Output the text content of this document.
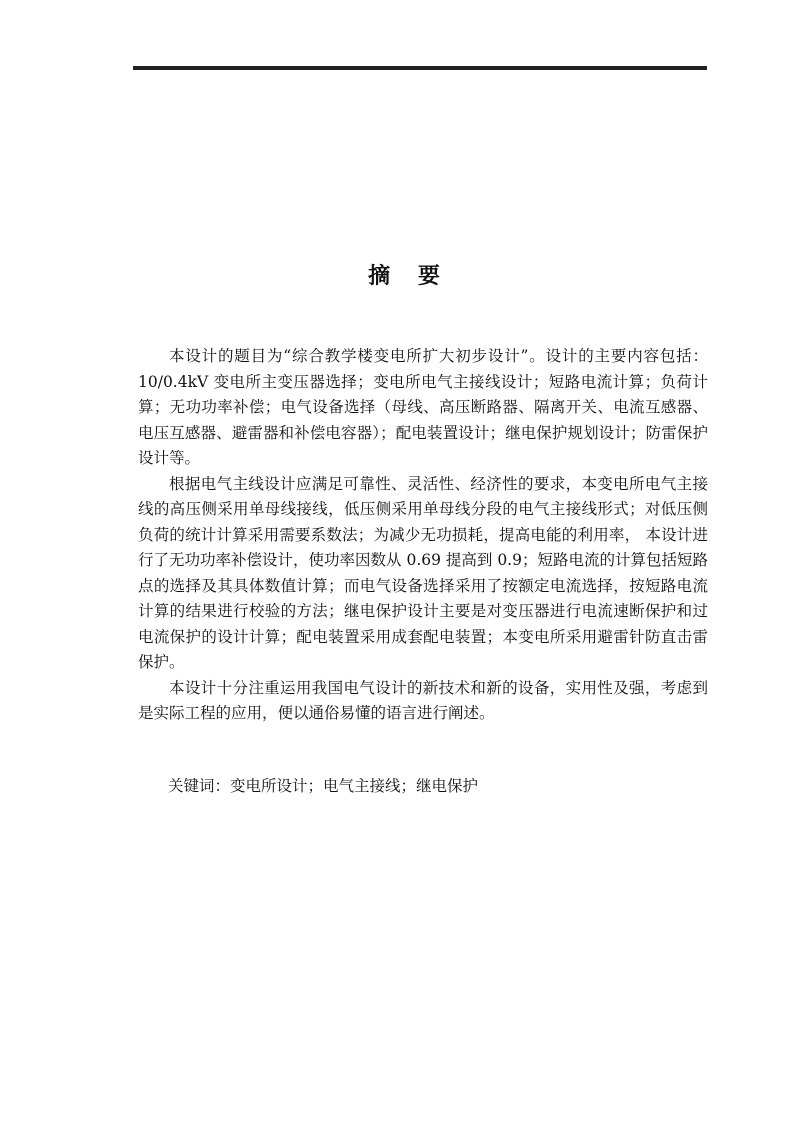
摘 要

本设计的题目为“综合教学楼变电所扩大初步设计”。设计的主要内容包括：10/0.4kV 变电所主变压器选择；变电所电气主接线设计；短路电流计算；负荷计算；无功功率补偿；电气设备选择（母线、高压断路器、隔离开关、电流互感器、电压互感器、避雷器和补偿电容器）；配电装置设计；继电保护规划设计；防雷保护设计等。

根据电气主线设计应满足可靠性、灵活性、经济性的要求，本变电所电气主接线的高压侧采用单母线接线，低压侧采用单母线分段的电气主接线形式；对低压侧负荷的统计计算采用需要系数法；为减少无功损耗，提高电能的利用率， 本设计进行了无功功率补偿设计，使功率因数从 0.69 提高到 0.9；短路电流的计算包括短路点的选择及其具体数值计算；而电气设备选择采用了按额定电流选择，按短路电流计算的结果进行校验的方法；继电保护设计主要是对变压器进行电流速断保护和过电流保护的设计计算；配电装置采用成套配电装置；本变电所采用避雷针防直击雷保护。

本设计十分注重运用我国电气设计的新技术和新的设备，实用性及强，考虑到是实际工程的应用，便以通俗易懂的语言进行阐述。

关键词：变电所设计；电气主接线；继电保护
